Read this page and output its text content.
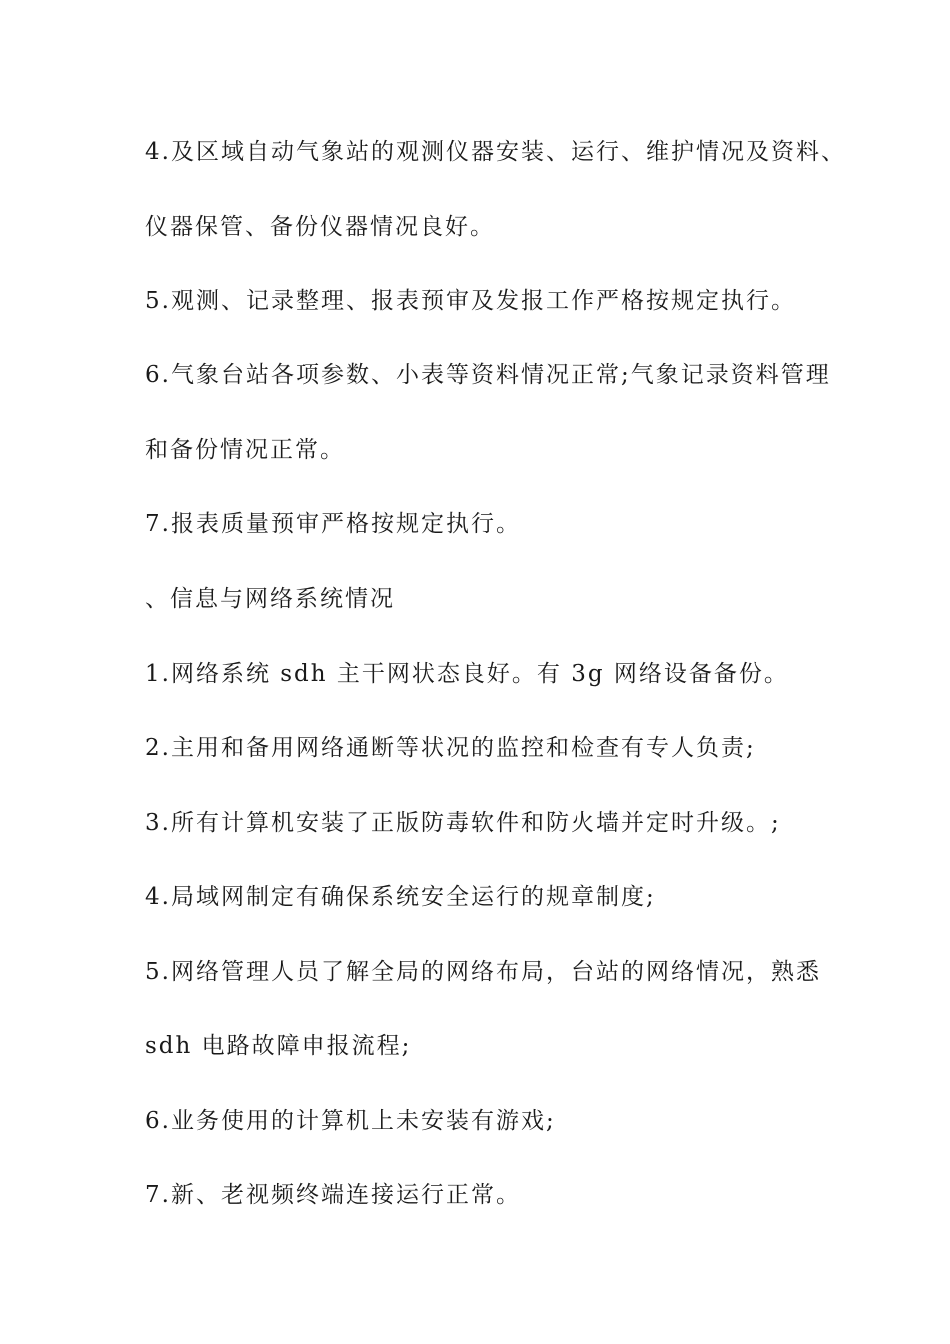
4.及区域自动气象站的观测仪器安装、运行、维护情况及资料、
仪器保管、备份仪器情况良好。
5.观测、记录整理、报表预审及发报工作严格按规定执行。
6.气象台站各项参数、小表等资料情况正常;气象记录资料管理
和备份情况正常。
7.报表质量预审严格按规定执行。
、信息与网络系统情况
1.网络系统 sdh 主干网状态良好。有 3g 网络设备备份。
2.主用和备用网络通断等状况的监控和检查有专人负责;
3.所有计算机安装了正版防毒软件和防火墙并定时升级。;
4.局域网制定有确保系统安全运行的规章制度;
5.网络管理人员了解全局的网络布局，台站的网络情况，熟悉
sdh 电路故障申报流程;
6.业务使用的计算机上未安装有游戏;
7.新、老视频终端连接运行正常。
